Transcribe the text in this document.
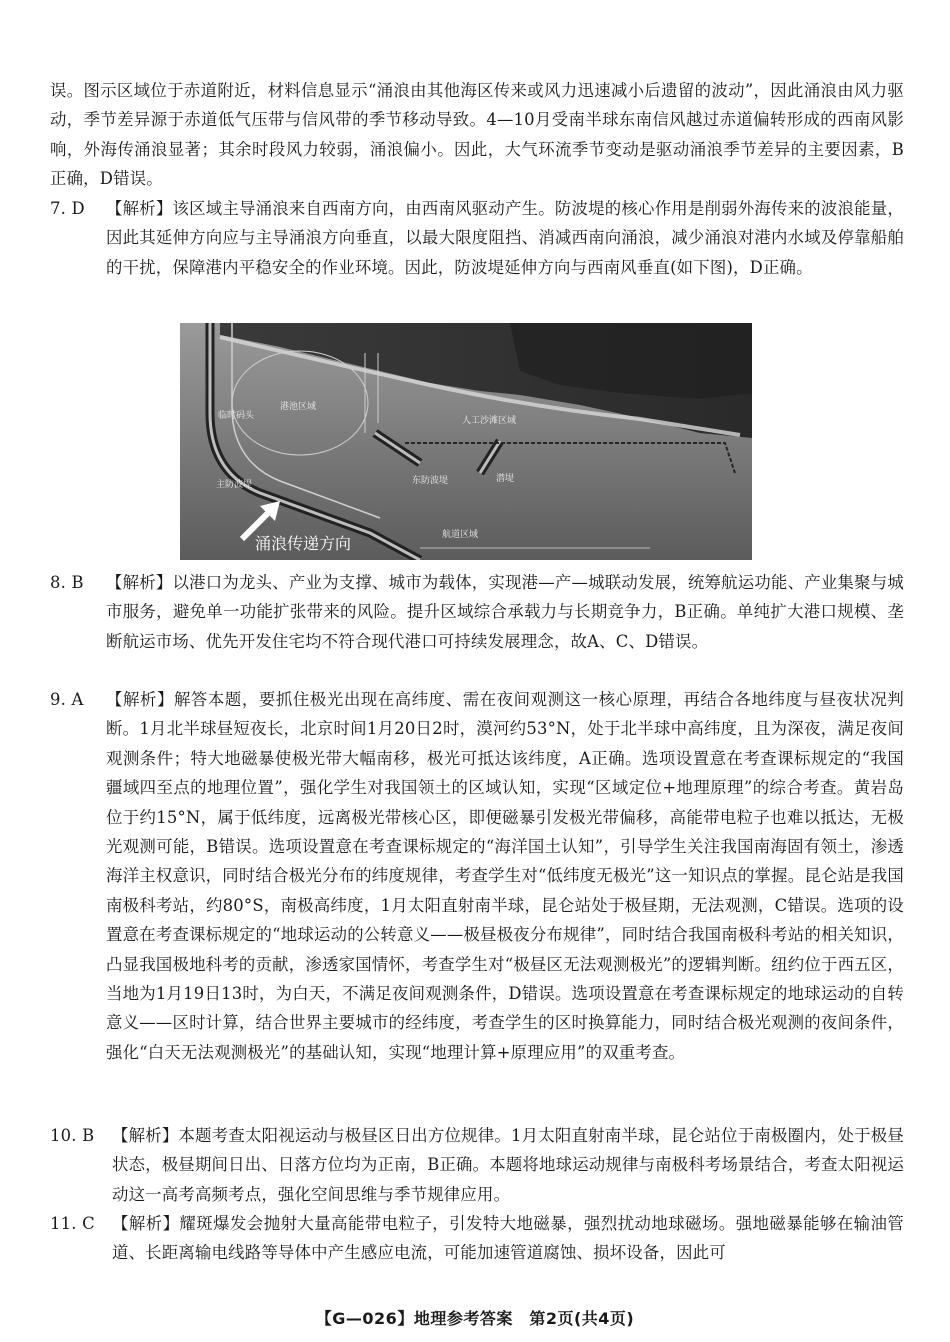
误。图示区域位于赤道附近，材料信息显示“涌浪由其他海区传来或风力迅速减小后遗留的波动”，因此涌浪由风力驱动，季节差异源于赤道低气压带与信风带的季节移动导致。4—10月受南半球东南信风越过赤道偏转形成的西南风影响，外海传涌浪显著；其余时段风力较弱，涌浪偏小。因此，大气环流季节变动是驱动涌浪季节差异的主要因素，B正确，D错误。

7. D	【解析】该区域主导涌浪来自西南方向，由西南风驱动产生。防波堤的核心作用是削弱外海传来的波浪能量，因此其延伸方向应与主导涌浪方向垂直，以最大限度阻挡、消减西南向涌浪，减少涌浪对港内水域及停靠船舶的干扰，保障港内平稳安全的作业环境。因此，防波堤延伸方向与西南风垂直(如下图)，D正确。
临时码头
港池区域
人工沙滩区域
主防波堤	东防波堤	潜堤
航道区域
涌浪传递方向
8. B	【解析】以港口为龙头、产业为支撑、城市为载体，实现港—产—城联动发展，统筹航运功能、产业集聚与城市服务，避免单一功能扩张带来的风险。提升区域综合承载力与长期竞争力，B正确。单纯扩大港口规模、垄断航运市场、优先开发住宅均不符合现代港口可持续发展理念，故A、C、D错误。
9. A	【解析】解答本题，要抓住极光出现在高纬度、需在夜间观测这一核心原理，再结合各地纬度与昼夜状况判断。1月北半球昼短夜长，北京时间1月20日2时，漠河约53°N，处于北半球中高纬度，且为深夜，满足夜间观测条件；特大地磁暴使极光带大幅南移，极光可抵达该纬度，A正确。选项设置意在考查课标规定的“我国疆域四至点的地理位置”，强化学生对我国领土的区域认知，实现“区域定位+地理原理”的综合考查。黄岩岛位于约15°N，属于低纬度，远离极光带核心区，即便磁暴引发极光带偏移，高能带电粒子也难以抵达，无极光观测可能，B错误。选项设置意在考查课标规定的“海洋国土认知”，引导学生关注我国南海固有领土，渗透海洋主权意识，同时结合极光分布的纬度规律，考查学生对“低纬度无极光”这一知识点的掌握。昆仑站是我国南极科考站，约80°S，南极高纬度，1月太阳直射南半球，昆仑站处于极昼期，无法观测，C错误。选项的设置意在考查课标规定的“地球运动的公转意义——极昼极夜分布规律”，同时结合我国南极科考站的相关知识，凸显我国极地科考的贡献，渗透家国情怀，考查学生对“极昼区无法观测极光”的逻辑判断。纽约位于西五区，当地为1月19日13时，为白天，不满足夜间观测条件，D错误。选项设置意在考查课标规定的地球运动的自转意义——区时计算，结合世界主要城市的经纬度，考查学生的区时换算能力，同时结合极光观测的夜间条件，强化“白天无法观测极光”的基础认知，实现“地理计算+原理应用”的双重考查。
10. B	【解析】本题考查太阳视运动与极昼区日出方位规律。1月太阳直射南半球，昆仑站位于南极圈内，处于极昼状态，极昼期间日出、日落方位均为正南，B正确。本题将地球运动规律与南极科考场景结合，考查太阳视运动这一高考高频考点，强化空间思维与季节规律应用。
11. C	【解析】耀斑爆发会抛射大量高能带电粒子，引发特大地磁暴，强烈扰动地球磁场。强地磁暴能够在输油管道、长距离输电线路等导体中产生感应电流，可能加速管道腐蚀、损坏设备，因此可
【G—026】地理参考答案　第2页(共4页)
